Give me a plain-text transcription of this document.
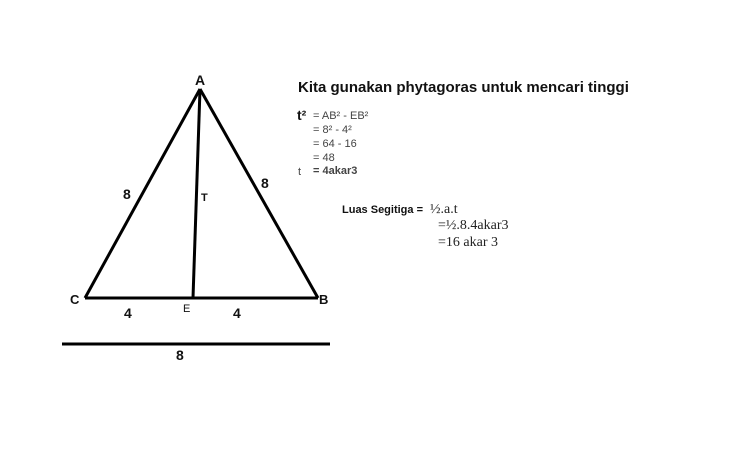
A
C	B
E
T
8
8
4	4
8
Kita gunakan phytagoras untuk mencari tinggi
t² = AB² - EB²
= 8² - 4²
= 64 - 16
= 48
t = 4akar3
Luas Segitiga = ½.a.t
=½.8.4akar3
=16 akar 3
